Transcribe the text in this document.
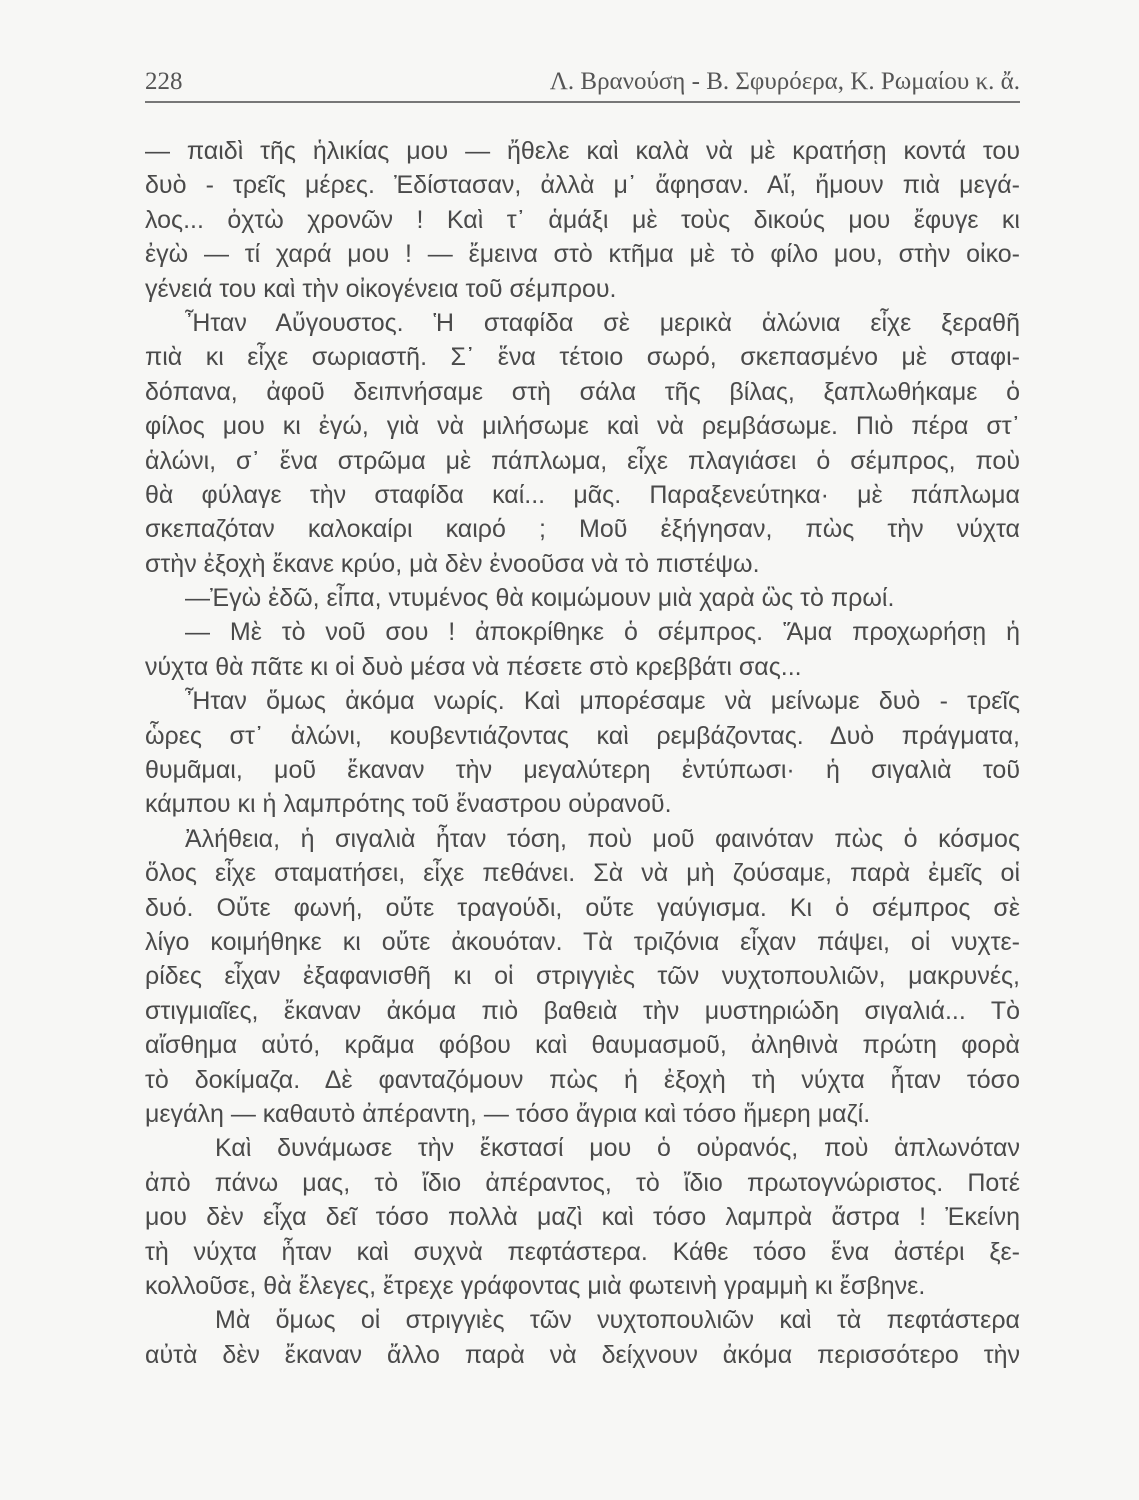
228	Λ. Βρανούση - Β. Σφυρόερα, Κ. Ρωμαίου κ. ἄ.
— παιδὶ τῆς ἡλικίας μου — ἤθελε καὶ καλὰ νὰ μὲ κρατήσῃ κοντά του
δυὸ - τρεῖς μέρες. Ἐδίστασαν, ἀλλὰ μ᾽ ἄφησαν. Αἴ, ἤμουν πιὰ μεγά-
λος... ὀχτὼ χρονῶν ! Καὶ τ᾽ ἁμάξι μὲ τοὺς δικούς μου ἔφυγε κι
ἐγὼ — τί χαρά μου ! — ἔμεινα στὸ κτῆμα μὲ τὸ φίλο μου, στὴν οἰκο-
γένειά του καὶ τὴν οἰκογένεια τοῦ σέμπρου.
Ἦταν Αὔγουστος. Ἡ σταφίδα σὲ μερικὰ ἁλώνια εἶχε ξεραθῆ
πιὰ κι εἶχε σωριαστῆ. Σ᾽ ἕνα τέτοιο σωρό, σκεπασμένο μὲ σταφι-
δόπανα, ἀφοῦ δειπνήσαμε στὴ σάλα τῆς βίλας, ξαπλωθήκαμε ὁ
φίλος μου κι ἐγώ, γιὰ νὰ μιλήσωμε καὶ νὰ ρεμβάσωμε. Πιὸ πέρα στ᾽
ἁλώνι, σ᾽ ἕνα στρῶμα μὲ πάπλωμα, εἶχε πλαγιάσει ὁ σέμπρος, ποὺ
θὰ φύλαγε τὴν σταφίδα καί... μᾶς. Παραξενεύτηκα· μὲ πάπλωμα
σκεπαζόταν καλοκαίρι καιρό ; Μοῦ ἐξήγησαν, πὼς τὴν νύχτα
στὴν ἐξοχὴ ἔκανε κρύο, μὰ δὲν ἐνοοῦσα νὰ τὸ πιστέψω.
—Ἐγὼ ἐδῶ, εἶπα, ντυμένος θὰ κοιμώμουν μιὰ χαρὰ ὣς τὸ πρωί.
— Μὲ τὸ νοῦ σου ! ἀποκρίθηκε ὁ σέμπρος. Ἅμα προχωρήσῃ ἡ
νύχτα θὰ πᾶτε κι οἱ δυὸ μέσα νὰ πέσετε στὸ κρεββάτι σας...
Ἦταν ὅμως ἀκόμα νωρίς. Καὶ μπορέσαμε νὰ μείνωμε δυὸ - τρεῖς
ὧρες στ᾽ ἁλώνι, κουβεντιάζοντας καὶ ρεμβάζοντας. Δυὸ πράγματα,
θυμᾶμαι, μοῦ ἔκαναν τὴν μεγαλύτερη ἐντύπωσι· ἡ σιγαλιὰ τοῦ
κάμπου κι ἡ λαμπρότης τοῦ ἔναστρου οὐρανοῦ.
Ἀλήθεια, ἡ σιγαλιὰ ἦταν τόση, ποὺ μοῦ φαινόταν πὼς ὁ κόσμος
ὅλος εἶχε σταματήσει, εἶχε πεθάνει. Σὰ νὰ μὴ ζούσαμε, παρὰ ἐμεῖς οἱ
δυό. Οὔτε φωνή, οὔτε τραγούδι, οὔτε γαύγισμα. Κι ὁ σέμπρος σὲ
λίγο κοιμήθηκε κι οὔτε ἀκουόταν. Τὰ τριζόνια εἶχαν πάψει, οἱ νυχτε-
ρίδες εἶχαν ἐξαφανισθῆ κι οἱ στριγγιὲς τῶν νυχτοπουλιῶν, μακρυνές,
στιγμιαῖες, ἔκαναν ἀκόμα πιὸ βαθειὰ τὴν μυστηριώδη σιγαλιά... Τὸ
αἴσθημα αὐτό, κρᾶμα φόβου καὶ θαυμασμοῦ, ἀληθινὰ πρώτη φορὰ
τὸ δοκίμαζα. Δὲ φανταζόμουν πὼς ἡ ἐξοχὴ τὴ νύχτα ἦταν τόσο
μεγάλη — καθαυτὸ ἀπέραντη, — τόσο ἄγρια καὶ τόσο ἥμερη μαζί.
Καὶ δυνάμωσε τὴν ἔκστασί μου ὁ οὐρανός, ποὺ ἁπλωνόταν
ἀπὸ πάνω μας, τὸ ἴδιο ἀπέραντος, τὸ ἴδιο πρωτογνώριστος. Ποτέ
μου δὲν εἶχα δεῖ τόσο πολλὰ μαζὶ καὶ τόσο λαμπρὰ ἄστρα ! Ἐκείνη
τὴ νύχτα ἦταν καὶ συχνὰ πεφτάστερα. Κάθε τόσο ἕνα ἀστέρι ξε-
κολλοῦσε, θὰ ἔλεγες, ἔτρεχε γράφοντας μιὰ φωτεινὴ γραμμὴ κι ἔσβηνε.
Μὰ ὅμως οἱ στριγγιὲς τῶν νυχτοπουλιῶν καὶ τὰ πεφτάστερα
αὐτὰ δὲν ἔκαναν ἄλλο παρὰ νὰ δείχνουν ἀκόμα περισσότερο τὴν
